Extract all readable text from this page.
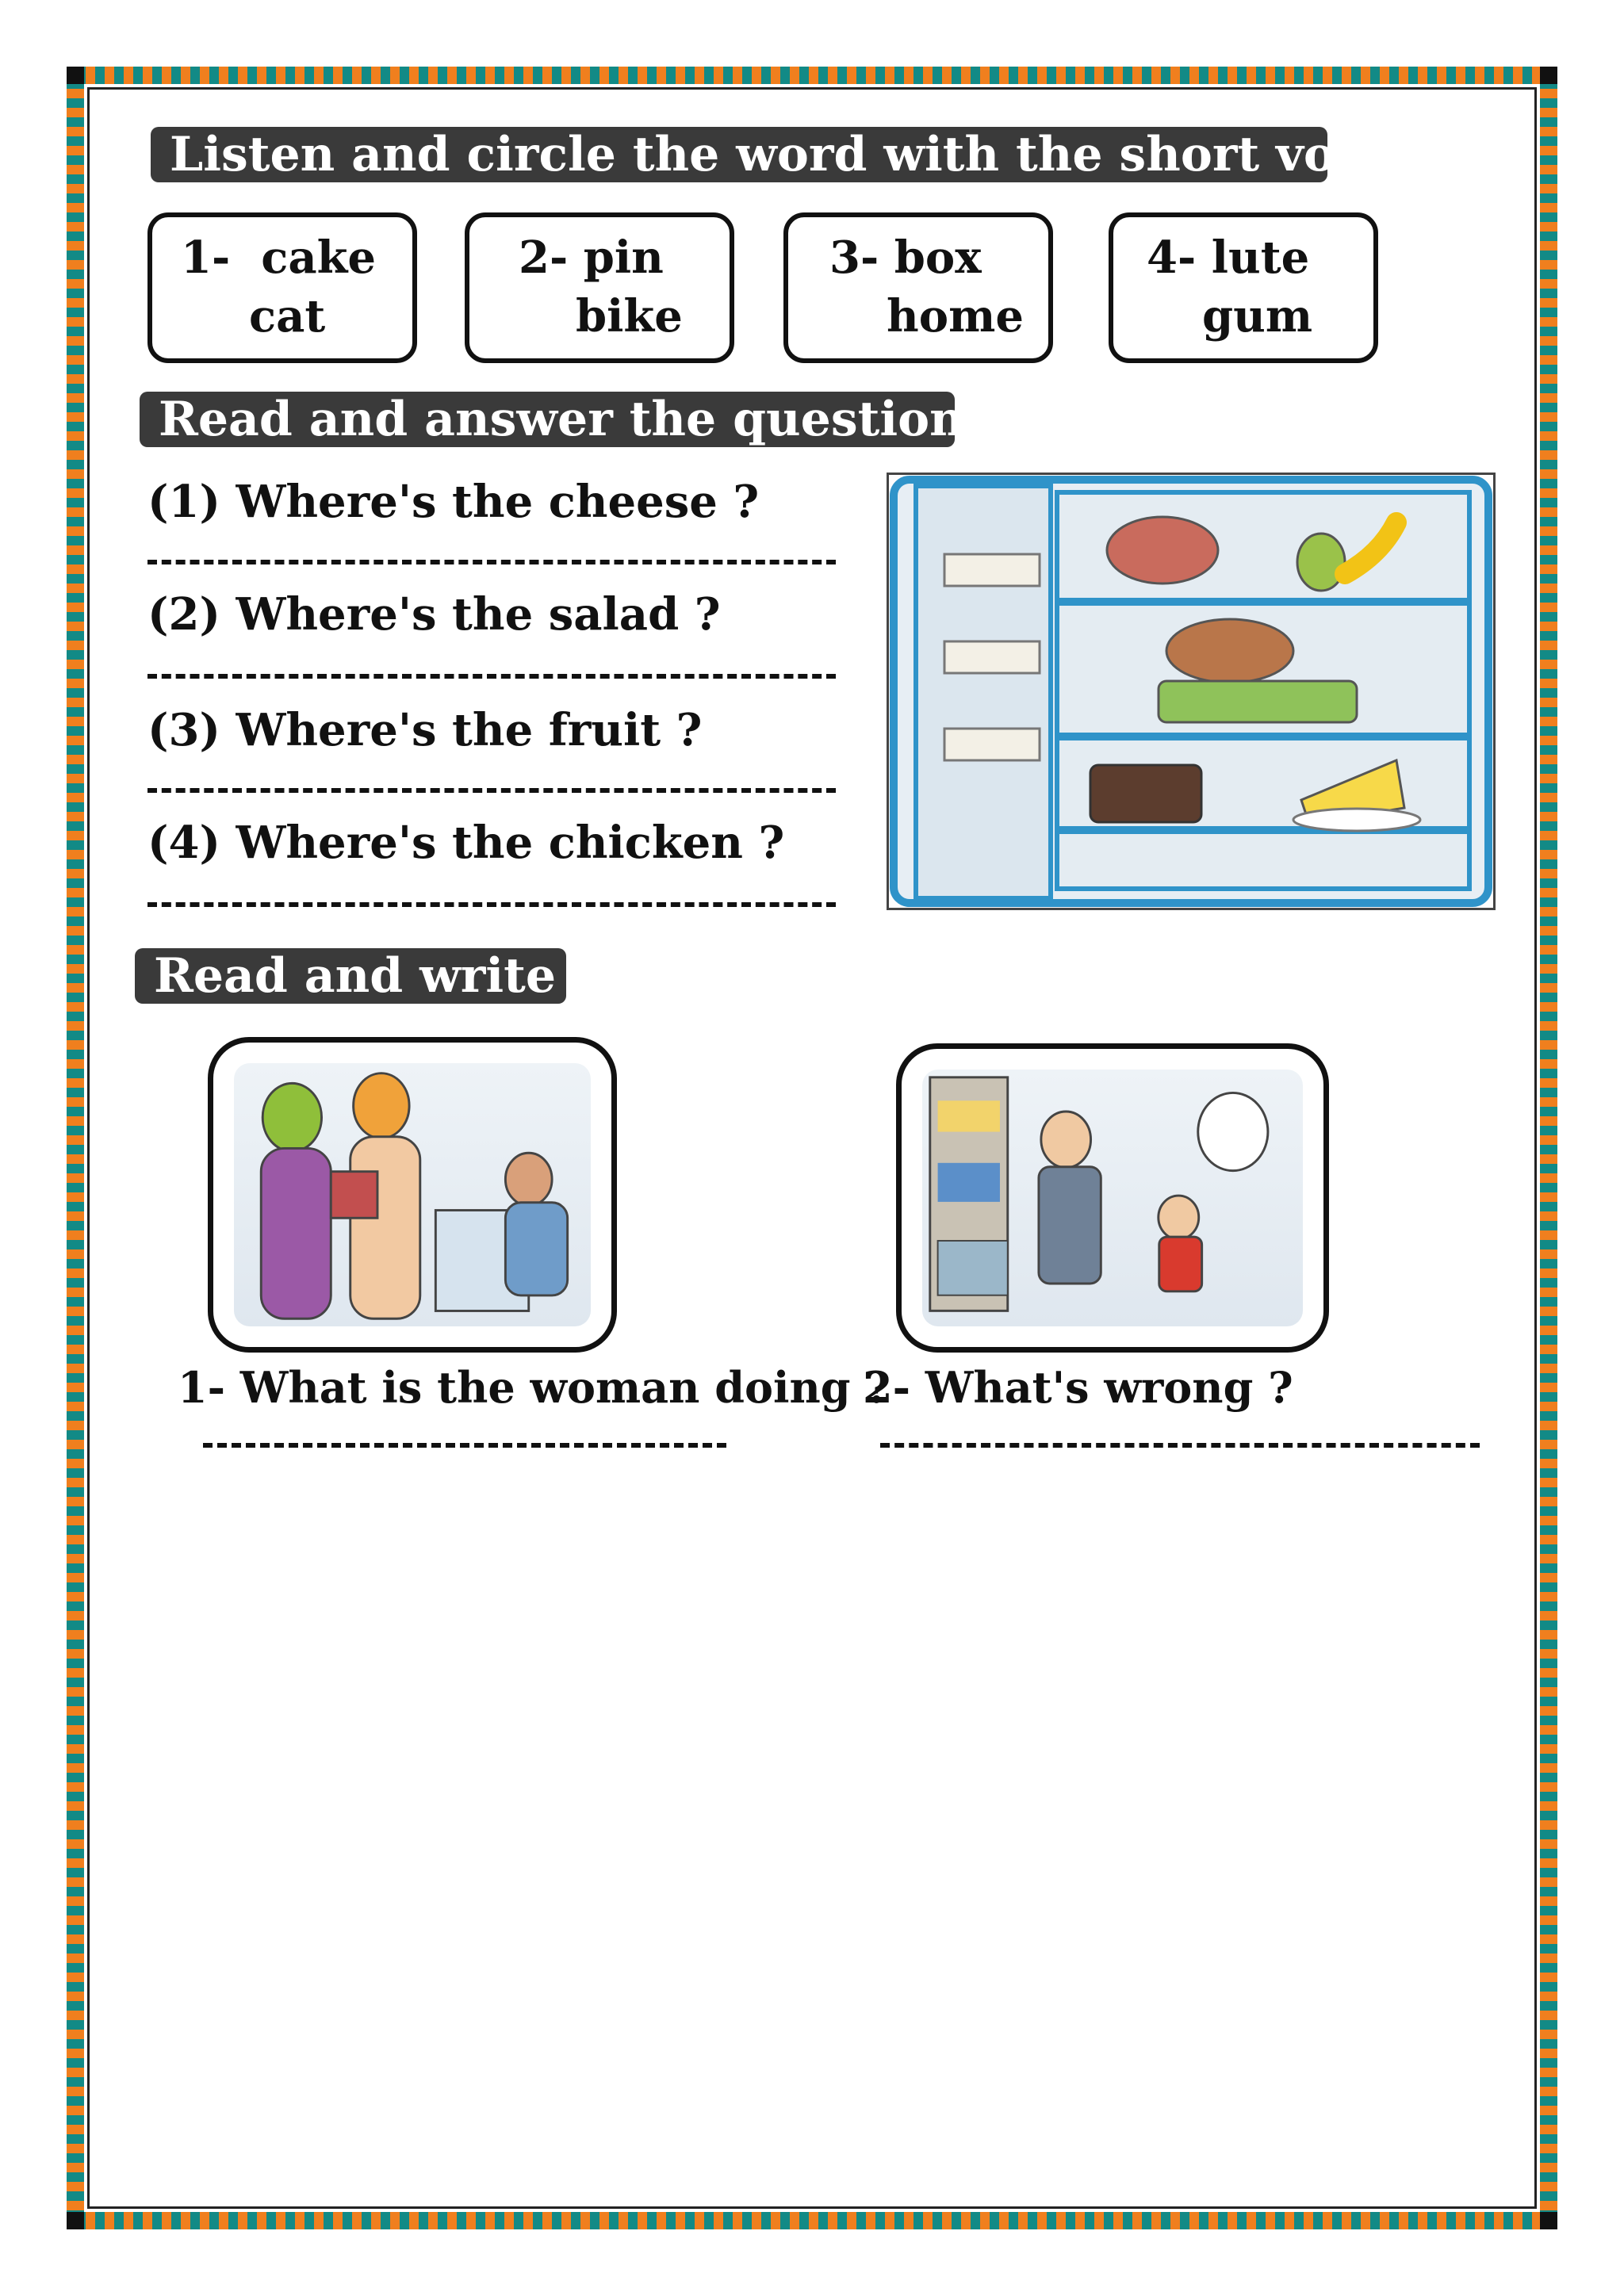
Listen and circle the word with the short vowel :
1- cake
cat
2- pin
bike
3- box
home
4- lute
gum
Read and answer the questions :
(1) Where's the cheese ?
(2) Where's the salad ?
(3) Where's the fruit ?
(4) Where's the chicken ?
Read and write :
1- What is the woman doing ?
2- What's wrong ?
